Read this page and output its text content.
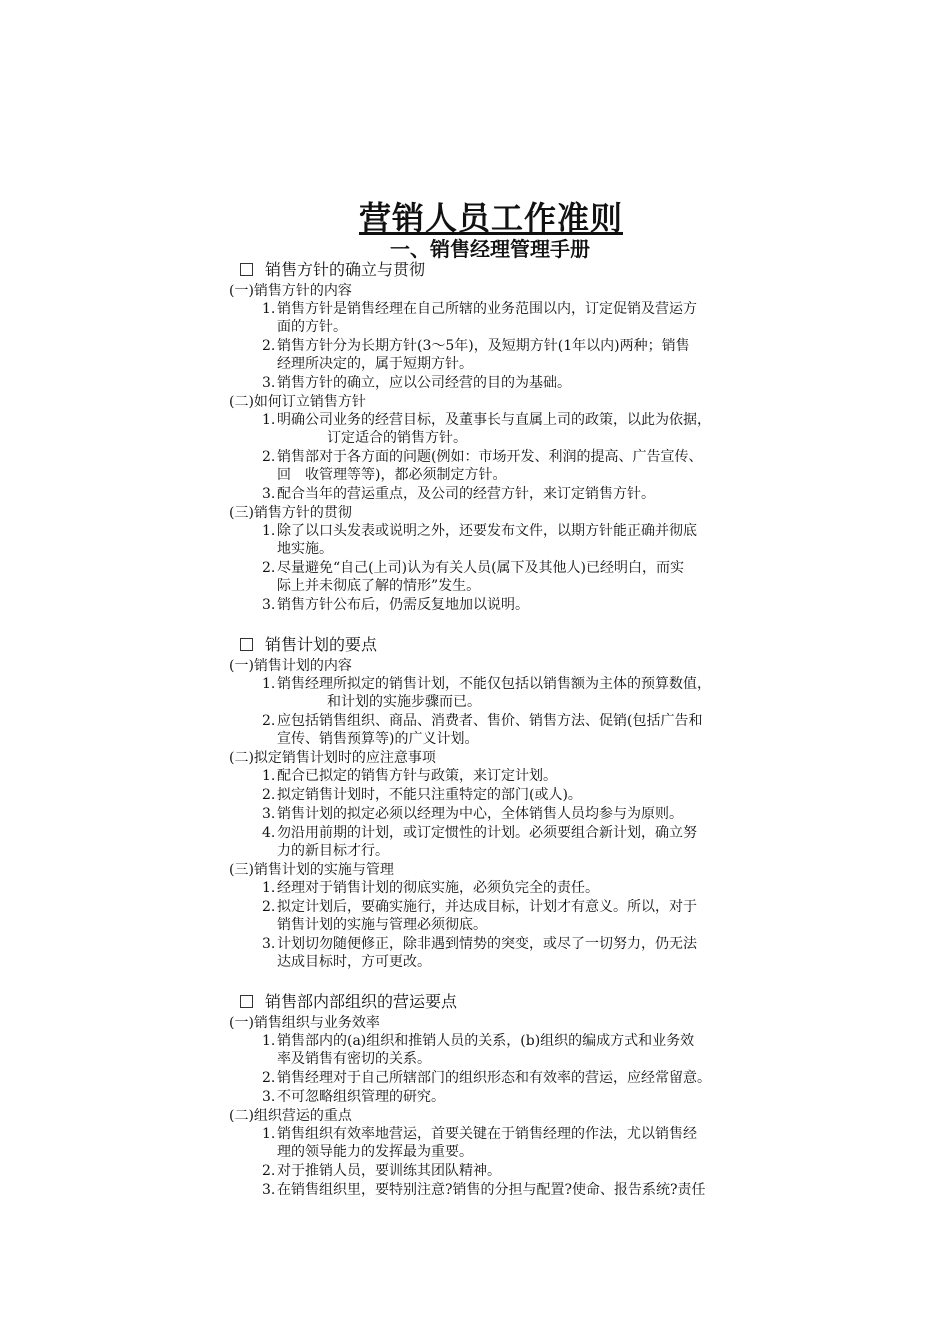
营销人员工作准则
一、销售经理管理手册
销售方针的确立与贯彻
(一)销售方针的内容
1. 销售方针是销售经理在自己所辖的业务范围以内，订定促销及营运方
面的方针。
2. 销售方针分为长期方针(3～5年)，及短期方针(1年以内)两种；销售
经理所决定的，属于短期方针。
3. 销售方针的确立，应以公司经营的目的为基础。
(二)如何订立销售方针
1. 明确公司业务的经营目标，及董事长与直属上司的政策，以此为依据，
订定适合的销售方针。
2. 销售部对于各方面的问题(例如：市场开发、利润的提高、广告宣传、
回　收管理等等)，都必须制定方针。
3. 配合当年的营运重点，及公司的经营方针，来订定销售方针。
(三)销售方针的贯彻
1. 除了以口头发表或说明之外，还要发布文件，以期方针能正确并彻底
地实施。
2. 尽量避免“自己(上司)认为有关人员(属下及其他人)已经明白，而实
际上并未彻底了解的情形”发生。
3. 销售方针公布后，仍需反复地加以说明。
销售计划的要点
(一)销售计划的内容
1. 销售经理所拟定的销售计划，不能仅包括以销售额为主体的预算数值，
和计划的实施步骤而已。
2. 应包括销售组织、商品、消费者、售价、销售方法、促销(包括广告和
宣传、销售预算等)的广义计划。
(二)拟定销售计划时的应注意事项
1. 配合已拟定的销售方针与政策，来订定计划。
2. 拟定销售计划时，不能只注重特定的部门(或人)。
3. 销售计划的拟定必须以经理为中心，全体销售人员均参与为原则。
4. 勿沿用前期的计划，或订定惯性的计划。必须要组合新计划，确立努
力的新目标才行。
(三)销售计划的实施与管理
1. 经理对于销售计划的彻底实施，必须负完全的责任。
2. 拟定计划后，要确实施行，并达成目标，计划才有意义。所以，对于
销售计划的实施与管理必须彻底。
3. 计划切勿随便修正，除非遇到情势的突变，或尽了一切努力，仍无法
达成目标时，方可更改。
销售部内部组织的营运要点
(一)销售组织与业务效率
1. 销售部内的(a)组织和推销人员的关系，(b)组织的编成方式和业务效
率及销售有密切的关系。
2. 销售经理对于自己所辖部门的组织形态和有效率的营运，应经常留意。
3. 不可忽略组织管理的研究。
(二)组织营运的重点
1. 销售组织有效率地营运，首要关键在于销售经理的作法，尤以销售经
理的领导能力的发挥最为重要。
2. 对于推销人员，要训练其团队精神。
3. 在销售组织里，要特别注意?销售的分担与配置?使命、报告系统?责任
